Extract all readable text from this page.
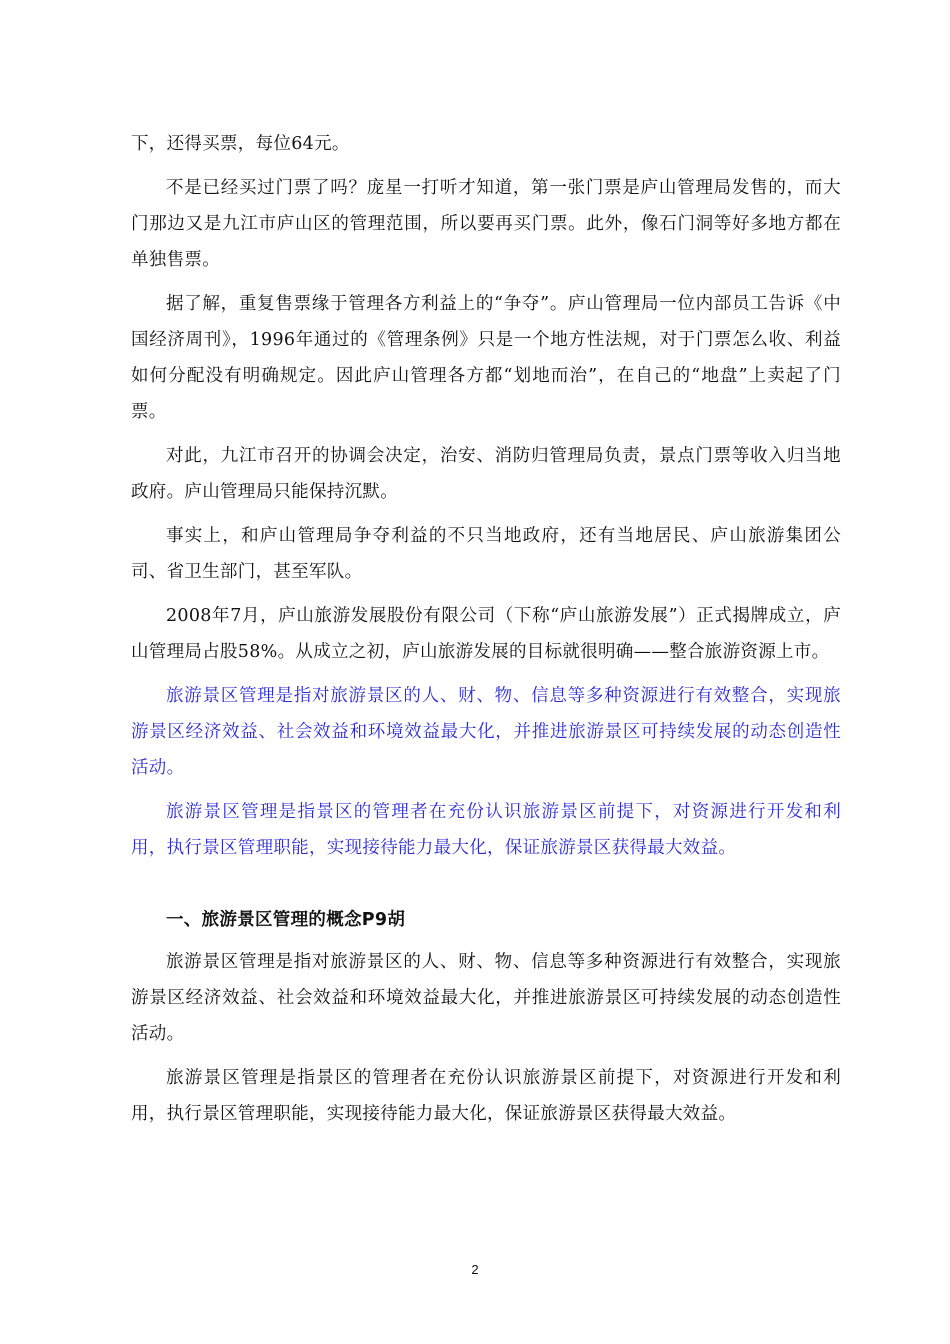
下，还得买票，每位64元。

不是已经买过门票了吗？庞星一打听才知道，第一张门票是庐山管理局发售的，而大门那边又是九江市庐山区的管理范围，所以要再买门票。此外，像石门洞等好多地方都在单独售票。

据了解，重复售票缘于管理各方利益上的“争夺”。庐山管理局一位内部员工告诉《中国经济周刊》，1996年通过的《管理条例》只是一个地方性法规，对于门票怎么收、利益如何分配没有明确规定。因此庐山管理各方都“划地而治”，在自己的“地盘”上卖起了门票。

对此，九江市召开的协调会决定，治安、消防归管理局负责，景点门票等收入归当地政府。庐山管理局只能保持沉默。

事实上，和庐山管理局争夺利益的不只当地政府，还有当地居民、庐山旅游集团公司、省卫生部门，甚至军队。

2008年7月，庐山旅游发展股份有限公司（下称“庐山旅游发展”）正式揭牌成立，庐山管理局占股58%。从成立之初，庐山旅游发展的目标就很明确——整合旅游资源上市。

旅游景区管理是指对旅游景区的人、财、物、信息等多种资源进行有效整合，实现旅游景区经济效益、社会效益和环境效益最大化，并推进旅游景区可持续发展的动态创造性活动。

旅游景区管理是指景区的管理者在充份认识旅游景区前提下，对资源进行开发和利用，执行景区管理职能，实现接待能力最大化，保证旅游景区获得最大效益。

一、旅游景区管理的概念P9胡

旅游景区管理是指对旅游景区的人、财、物、信息等多种资源进行有效整合，实现旅游景区经济效益、社会效益和环境效益最大化，并推进旅游景区可持续发展的动态创造性活动。

旅游景区管理是指景区的管理者在充份认识旅游景区前提下，对资源进行开发和利用，执行景区管理职能，实现接待能力最大化，保证旅游景区获得最大效益。

2
